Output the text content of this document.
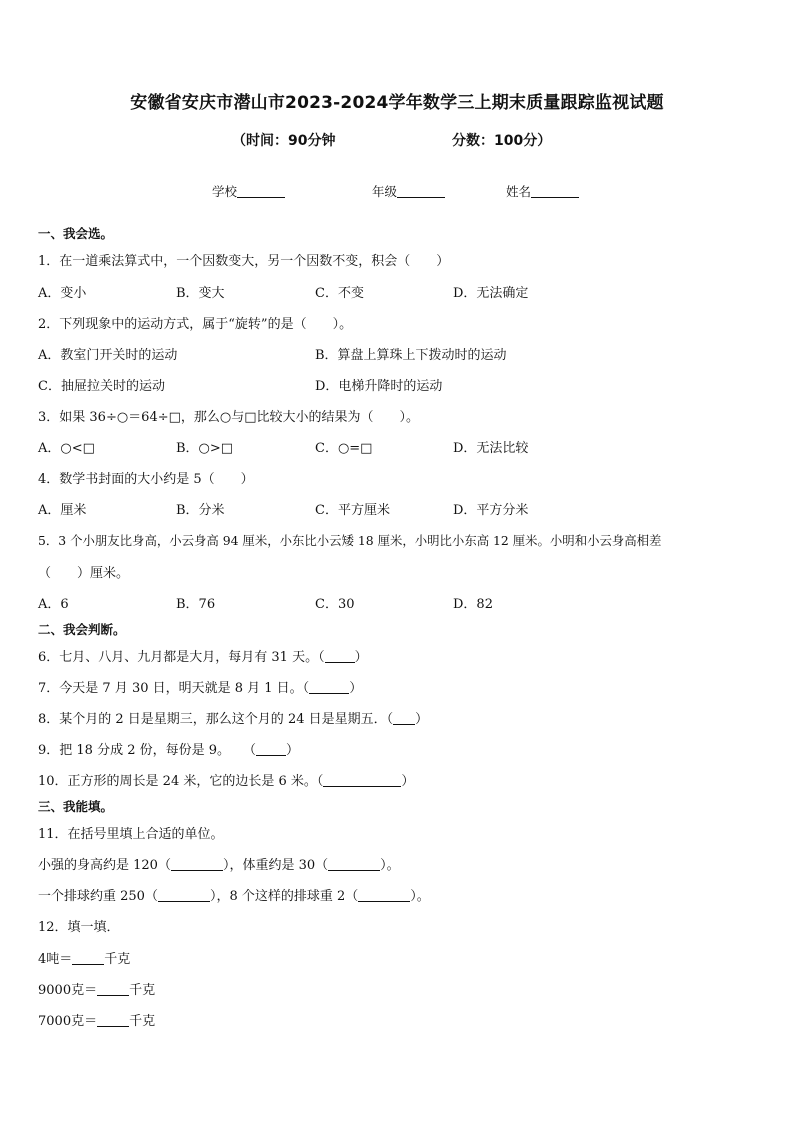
安徽省安庆市潜山市2023-2024学年数学三上期末质量跟踪监视试题
（时间：90分钟	分数：100分）
学校	年级	姓名
一、我会选。
1．在一道乘法算式中，一个因数变大，另一个因数不变，积会（　　）
A．变小	B．变大	C．不变	D．无法确定
2．下列现象中的运动方式，属于“旋转”的是（　　）。
A．教室门开关时的运动	B．算盘上算珠上下拨动时的运动
C．抽屉拉关时的运动	D．电梯升降时的运动
3．如果 36÷○＝64÷□，那么○与□比较大小的结果为（　　）。
A．○<□	B．○>□	C．○=□	D．无法比较
4．数学书封面的大小约是 5（　　）
A．厘米	B．分米	C．平方厘米	D．平方分米
5．3 个小朋友比身高，小云身高 94 厘米，小东比小云矮 18 厘米，小明比小东高 12 厘米。小明和小云身高相差
（　　）厘米。
A．6	B．76	C．30	D．82
二、我会判断。
6．七月、八月、九月都是大月，每月有 31 天。（ ）
7．今天是 7 月 30 日，明天就是 8 月 1 日。（	）
8．某个月的 2 日是星期三，那么这个月的 24 日是星期五．（ ）
9．把 18 分成 2 份，每份是 9。　　（ ）
10．正方形的周长是 24 米，它的边长是 6 米。（	）
三、我能填。
11．在括号里填上合适的单位。
小强的身高约是 120（	），体重约是 30（	）。
一个排球约重 250（	），8 个这样的排球重 2（	）。
12．填一填．
4吨＝ 千克
9000克＝ 千克
7000克＝ 千克
